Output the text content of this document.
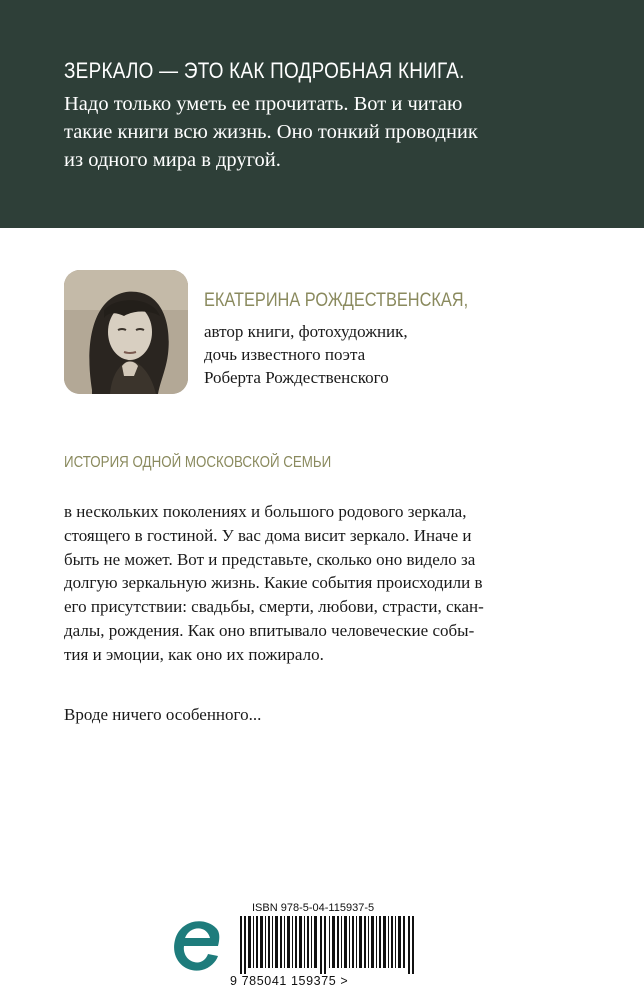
ЗЕРКАЛО — ЭТО КАК ПОДРОБНАЯ КНИГА.

Надо только уметь ее прочитать. Вот и читаю
такие книги всю жизнь. Оно тонкий проводник
из одного мира в другой.

ЕКАТЕРИНА РОЖДЕСТВЕНСКАЯ,

автор книги, фотохудожник,
дочь известного поэта
Роберта Рождественского

ИСТОРИЯ ОДНОЙ МОСКОВСКОЙ СЕМЬИ

в нескольких поколениях и большого родового зеркала,
стоящего в гостиной. У вас дома висит зеркало. Иначе и
быть не может. Вот и представьте, сколько оно видело за
долгую зеркальную жизнь. Какие события происходили в
его присутствии: свадьбы, смерти, любови, страсти, скан-
далы, рождения. Как оно впитывало человеческие собы-
тия и эмоции, как оно их пожирало.

Вроде ничего особенного...

ISBN 978-5-04-115937-5

9 785041 159375 >
